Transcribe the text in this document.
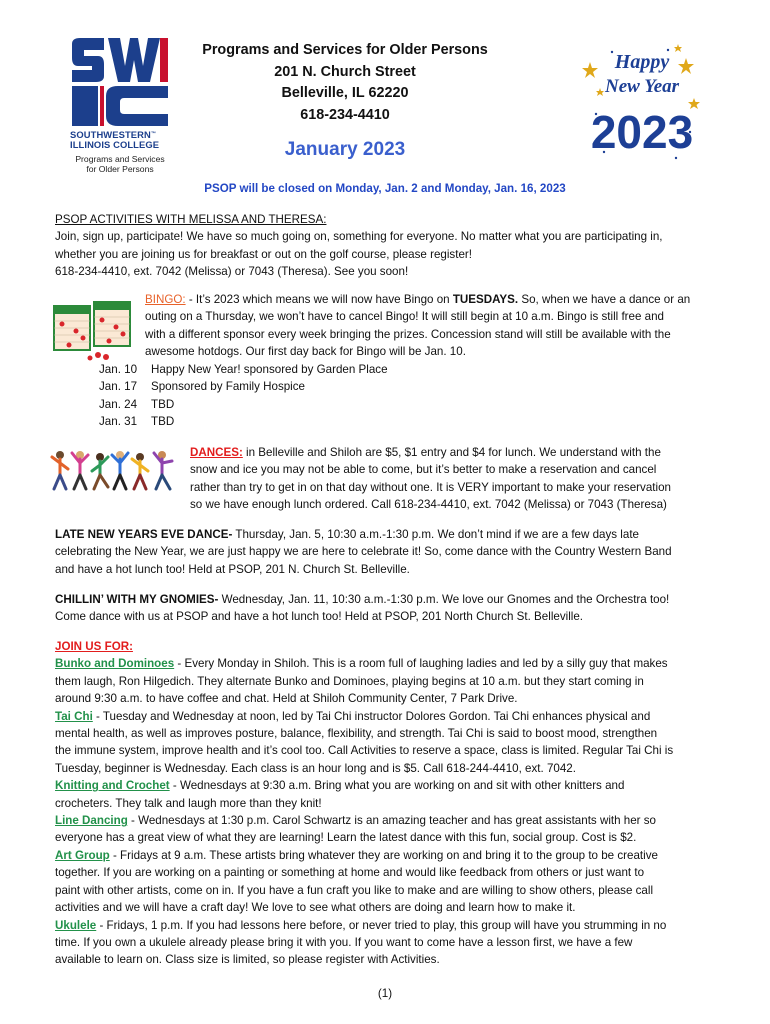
SOUTHWESTERN™
ILLINOIS COLLEGE
Programs and Services
for Older Persons
Programs and Services for Older Persons
201 N. Church Street
Belleville, IL 62220
618-234-4410
January 2023
Happy
New Year
2023
PSOP will be closed on Monday, Jan. 2 and Monday, Jan. 16, 2023
PSOP ACTIVITIES WITH MELISSA AND THERESA:
Join, sign up, participate! We have so much going on, something for everyone. No matter what you are participating in,
whether you are joining us for breakfast or out on the golf course, please register!
618-234-4410, ext. 7042 (Melissa) or 7043 (Theresa). See you soon!
BINGO: - It’s 2023 which means we will now have Bingo on TUESDAYS. So, when we have a dance or an
outing on a Thursday, we won’t have to cancel Bingo! It will still begin at 10 a.m. Bingo is still free and
with a different sponsor every week bringing the prizes. Concession stand will still be available with the
awesome hotdogs. Our first day back for Bingo will be Jan. 10.
Jan. 10	Happy New Year! sponsored by Garden Place
Jan. 17	Sponsored by Family Hospice
Jan. 24	TBD
Jan. 31	TBD
DANCES: in Belleville and Shiloh are $5, $1 entry and $4 for lunch. We understand with the
snow and ice you may not be able to come, but it’s better to make a reservation and cancel
rather than try to get in on that day without one. It is VERY important to make your reservation
so we have enough lunch ordered. Call 618-234-4410, ext. 7042 (Melissa) or 7043 (Theresa)
LATE NEW YEARS EVE DANCE- Thursday, Jan. 5, 10:30 a.m.-1:30 p.m. We don’t mind if we are a few days late
celebrating the New Year, we are just happy we are here to celebrate it! So, come dance with the Country Western Band
and have a hot lunch too! Held at PSOP, 201 N. Church St. Belleville.
CHILLIN’ WITH MY GNOMIES- Wednesday, Jan. 11, 10:30 a.m.-1:30 p.m. We love our Gnomes and the Orchestra too!
Come dance with us at PSOP and have a hot lunch too! Held at PSOP, 201 North Church St. Belleville.
JOIN US FOR:
Bunko and Dominoes - Every Monday in Shiloh. This is a room full of laughing ladies and led by a silly guy that makes
them laugh, Ron Hilgedich. They alternate Bunko and Dominoes, playing begins at 10 a.m. but they start coming in
around 9:30 a.m. to have coffee and chat. Held at Shiloh Community Center, 7 Park Drive.
Tai Chi - Tuesday and Wednesday at noon, led by Tai Chi instructor Dolores Gordon. Tai Chi enhances physical and
mental health, as well as improves posture, balance, flexibility, and strength. Tai Chi is said to boost mood, strengthen
the immune system, improve health and it’s cool too. Call Activities to reserve a space, class is limited. Regular Tai Chi is
Tuesday, beginner is Wednesday. Each class is an hour long and is $5. Call 618-244-4410, ext. 7042.
Knitting and Crochet - Wednesdays at 9:30 a.m. Bring what you are working on and sit with other knitters and
crocheters. They talk and laugh more than they knit!
Line Dancing - Wednesdays at 1:30 p.m. Carol Schwartz is an amazing teacher and has great assistants with her so
everyone has a great view of what they are learning! Learn the latest dance with this fun, social group. Cost is $2.
Art Group - Fridays at 9 a.m. These artists bring whatever they are working on and bring it to the group to be creative
together. If you are working on a painting or something at home and would like feedback from others or just want to
paint with other artists, come on in. If you have a fun craft you like to make and are willing to show others, please call
activities and we will have a craft day! We love to see what others are doing and learn how to make it.
Ukulele - Fridays, 1 p.m. If you had lessons here before, or never tried to play, this group will have you strumming in no
time. If you own a ukulele already please bring it with you. If you want to come have a lesson first, we have a few
available to learn on. Class size is limited, so please register with Activities.
(1)
